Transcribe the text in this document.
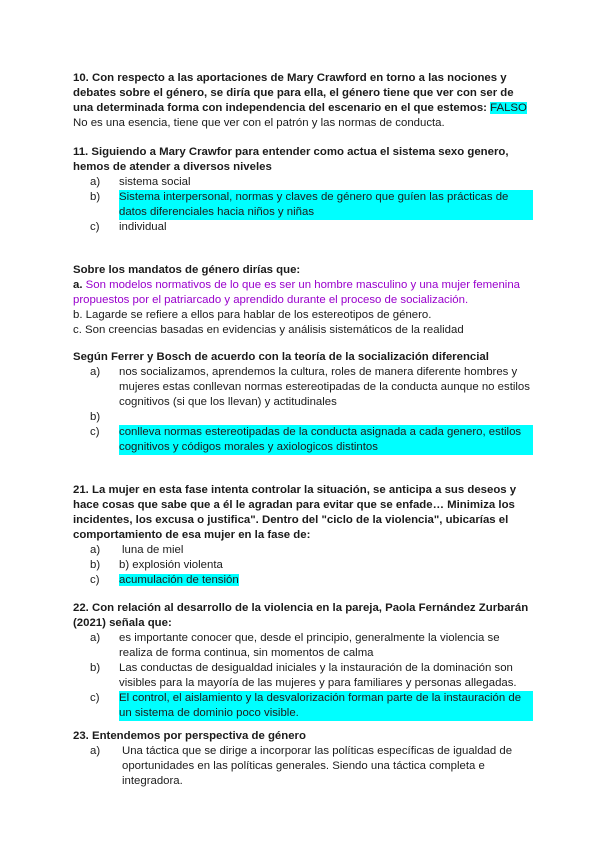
10. Con respecto a las aportaciones de Mary Crawford en torno a las nociones y debates sobre el género, se diría que para ella, el género tiene que ver con ser de una determinada forma con independencia del escenario en el que estemos: FALSO

No es una esencia, tiene que ver con el patrón y las normas de conducta.

11. Siguiendo a Mary Crawfor para entender como actua el sistema sexo genero, hemos de atender a diversos niveles

a)	sistema social
b)	Sistema interpersonal, normas y claves de género que guíen las prácticas de datos diferenciales hacia niños y niñas
c)	individual

Sobre los mandatos de género dirías que:

a. Son modelos normativos de lo que es ser un hombre masculino y una mujer femenina propuestos por el patriarcado y aprendido durante el proceso de socialización.

b. Lagarde se refiere a ellos para hablar de los estereotipos de género.

c. Son creencias basadas en evidencias y análisis sistemáticos de la realidad

Según Ferrer y Bosch de acuerdo con la teoría de la socialización diferencial

a)	nos socializamos, aprendemos la cultura, roles de manera diferente hombres y mujeres estas conllevan normas estereotipadas de la conducta aunque no estilos cognitivos (si que los llevan) y actitudinales
b)
c)	conlleva normas estereotipadas de la conducta asignada a cada genero, estilos cognitivos y códigos morales y axiologicos distintos

21. La mujer en esta fase intenta controlar la situación, se anticipa a sus deseos y hace cosas que sabe que a él le agradan para evitar que se enfade… Minimiza los incidentes, los excusa o justifica". Dentro del "ciclo de la violencia", ubicarías el comportamiento de esa mujer en la fase de:

a)	luna de miel
b)	b) explosión violenta
c)	acumulación de tensión

22. Con relación al desarrollo de la violencia en la pareja, Paola Fernández Zurbarán (2021) señala que:

a)	es importante conocer que, desde el principio, generalmente la violencia se realiza de forma continua, sin momentos de calma
b)	Las conductas de desigualdad iniciales y la instauración de la dominación son visibles para la mayoría de las mujeres y para familiares y personas allegadas.
c)	El control, el aislamiento y la desvalorización forman parte de la instauración de un sistema de dominio poco visible.

23. Entendemos por perspectiva de género

a)	Una táctica que se dirige a incorporar las políticas específicas de igualdad de oportunidades en las políticas generales. Siendo una táctica completa e integradora.
